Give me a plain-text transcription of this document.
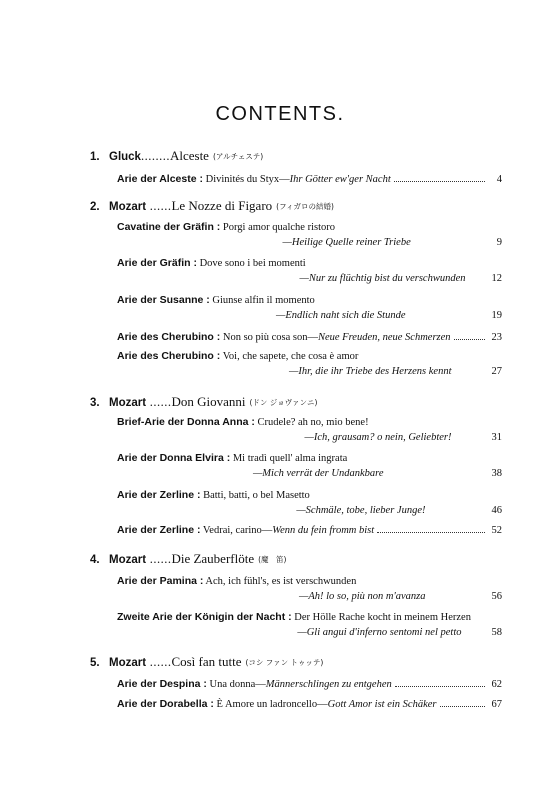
CONTENTS.
1. Gluck........Alceste (アルチェステ)
Arie der Alceste : Divinités du Styx—Ihr Götter ew'ger Nacht	4
2. Mozart ......Le Nozze di Figaro (フィガロの結婚)
Cavatine der Gräfin : Porgi amor qualche ristoro
—Heilige Quelle reiner Triebe	9
Arie der Gräfin : Dove sono i bei momenti
—Nur zu flüchtig bist du verschwunden 12
Arie der Susanne : Giunse alfin il momento
—Endlich naht sich die Stunde	19
Arie des Cherubino : Non so più cosa son—Neue Freuden, neue Schmerzen	23
Arie des Cherubino : Voi, che sapete, che cosa è amor
—Ihr, die ihr Triebe des Herzens kennt	27
3. Mozart ......Don Giovanni (ドン ジョヴァンニ)
Brief-Arie der Donna Anna : Crudele? ah no, mio bene!
—Ich, grausam? o nein, Geliebter!	31
Arie der Donna Elvira : Mi tradì quell' alma ingrata
—Mich verrät der Undankbare	38
Arie der Zerline : Batti, batti, o bel Masetto
—Schmäle, tobe, lieber Junge!	46
Arie der Zerline : Vedrai, carino—Wenn du fein fromm bist	52
4. Mozart ......Die Zauberflöte (魔　笛)
Arie der Pamina : Ach, ich fühl's, es ist verschwunden
—Ah! lo so, più non m'avanza	56
Zweite Arie der Königin der Nacht : Der Hölle Rache kocht in meinem Herzen
—Gli angui d'inferno sentomi nel petto	58
5. Mozart ......Così fan tutte (コシ ファン トゥッテ)
Arie der Despina : Una donna—Männerschlingen zu entgehen	62
Arie der Dorabella : È Amore un ladroncello—Gott Amor ist ein Schäker	67
